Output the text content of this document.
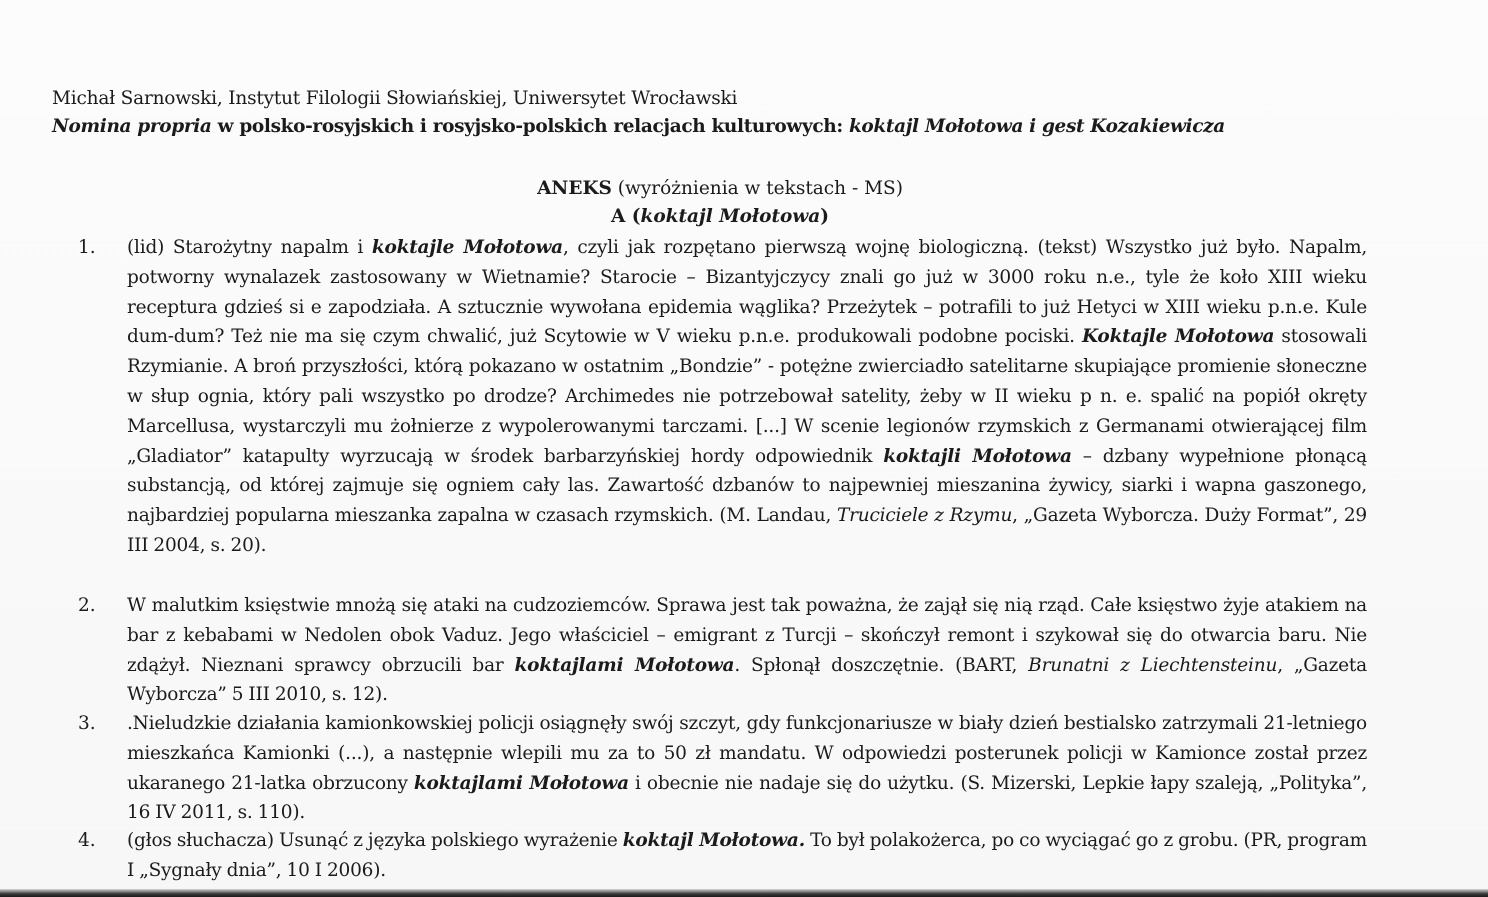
Michał Sarnowski, Instytut Filologii Słowiańskiej, Uniwersytet Wrocławski
Nomina propria w polsko-rosyjskich i rosyjsko-polskich relacjach kulturowych: koktajl Mołotowa i gest Kozakiewicza
ANEKS (wyróżnienia w tekstach - MS)
A (koktajl Mołotowa)
1. (lid) Starożytny napalm i koktajle Mołotowa, czyli jak rozpętano pierwszą wojnę biologiczną. (tekst) Wszystko już było. Napalm, potworny wynalazek zastosowany w Wietnamie? Starocie – Bizantyjczycy znali go już w 3000 roku n.e., tyle że koło XIII wieku receptura gdzieś si e zapodziała. A sztucznie wywołana epidemia wąglika? Przeżytek – potrafili to już Hetyci w XIII wieku p.n.e. Kule dum-dum? Też nie ma się czym chwalić, już Scytowie w V wieku p.n.e. produkowali podobne pociski. Koktajle Mołotowa stosowali Rzymianie. A broń przyszłości, którą pokazano w ostatnim „Bondzie” - potężne zwierciadło satelitarne skupiające promienie słoneczne w słup ognia, który pali wszystko po drodze? Archimedes nie potrzebował satelity, żeby w II wieku p n. e. spalić na popiół okręty Marcellusa, wystarczyli mu żołnierze z wypolerowanymi tarczami. [...] W scenie legionów rzymskich z Germanami otwierającej film „Gladiator” katapulty wyrzucają w środek barbarzyńskiej hordy odpowiednik koktajli Mołotowa – dzbany wypełnione płonącą substancją, od której zajmuje się ogniem cały las. Zawartość dzbanów to najpewniej mieszanina żywicy, siarki i wapna gaszonego, najbardziej popularna mieszanka zapalna w czasach rzymskich. (M. Landau, Truciciele z Rzymu, „Gazeta Wyborcza. Duży Format”, 29 III 2004, s. 20).
2. W malutkim księstwie mnożą się ataki na cudzoziemców. Sprawa jest tak poważna, że zajął się nią rząd. Całe księstwo żyje atakiem na bar z kebabami w Nedolen obok Vaduz. Jego właściciel – emigrant z Turcji – skończył remont i szykował się do otwarcia baru. Nie zdążył. Nieznani sprawcy obrzucili bar koktajlami Mołotowa. Spłonął doszczętnie. (BART, Brunatni z Liechtensteinu, „Gazeta Wyborcza” 5 III 2010, s. 12).
3. .Nieludzkie działania kamionkowskiej policji osiągnęły swój szczyt, gdy funkcjonariusze w biały dzień bestialsko zatrzymali 21-letniego mieszkańca Kamionki (...), a następnie wlepili mu za to 50 zł mandatu. W odpowiedzi posterunek policji w Kamionce został przez ukaranego 21-latka obrzucony koktajlami Mołotowa i obecnie nie nadaje się do użytku. (S. Mizerski, Lepkie łapy szaleją, „Polityka”, 16 IV 2011, s. 110).
4. (głos słuchacza) Usunąć z języka polskiego wyrażenie koktajl Mołotowa. To był polakożerca, po co wyciągać go z grobu. (PR, program I „Sygnały dnia”, 10 I 2006).
